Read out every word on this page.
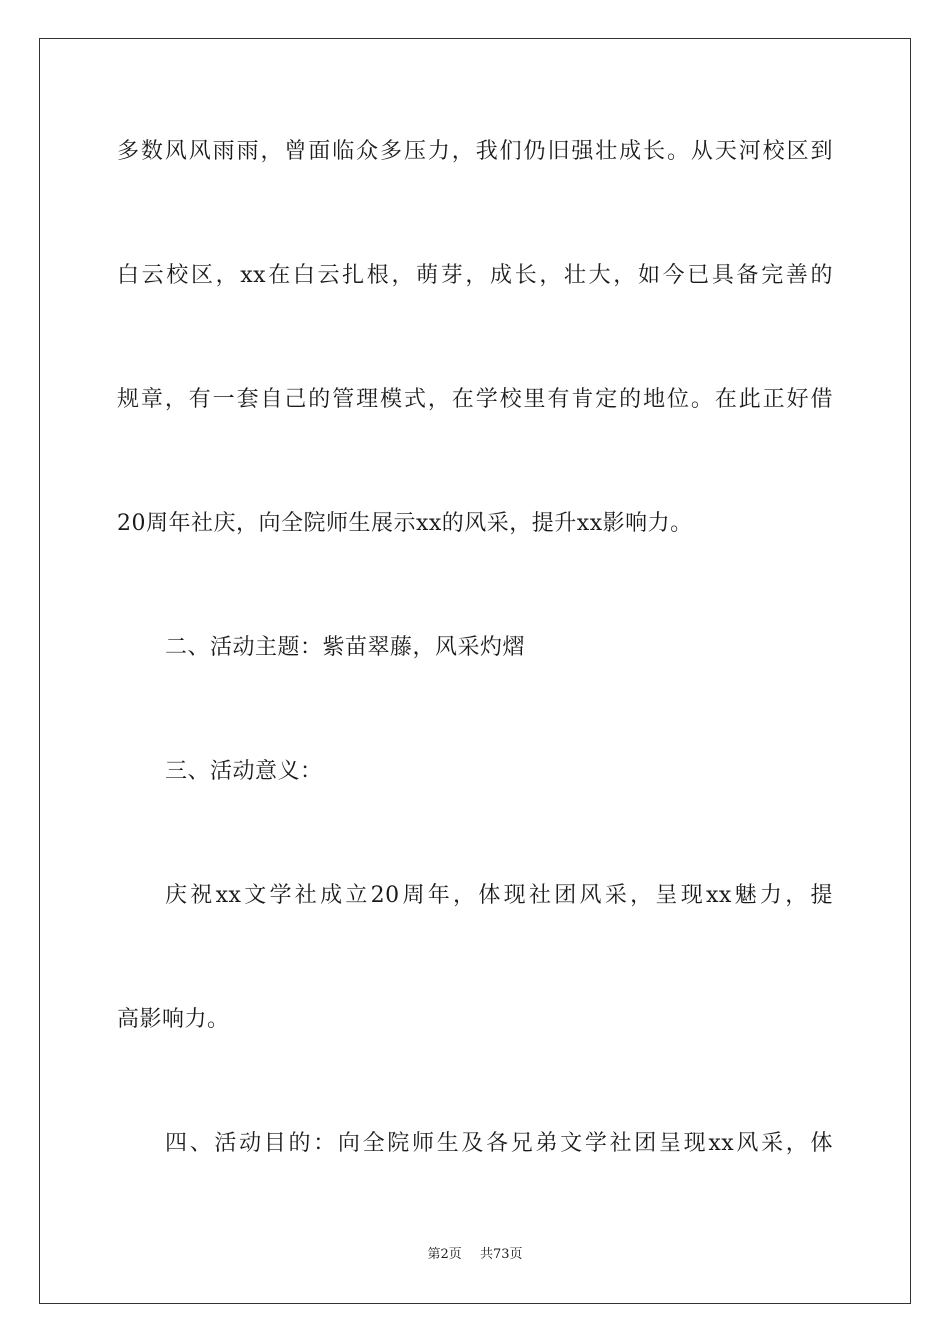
多数风风雨雨，曾面临众多压力，我们仍旧强壮成长。从天河校区到
白云校区，xx在白云扎根，萌芽，成长，壮大，如今已具备完善的
规章，有一套自己的管理模式，在学校里有肯定的地位。在此正好借
20周年社庆，向全院师生展示xx的风采，提升xx影响力。
二、活动主题：紫苗翠藤，风采灼熠
三、活动意义：
庆祝xx文学社成立20周年，体现社团风采，呈现xx魅力，提
高影响力。
四、活动目的：向全院师生及各兄弟文学社团呈现xx风采，体
第2页 共73页
